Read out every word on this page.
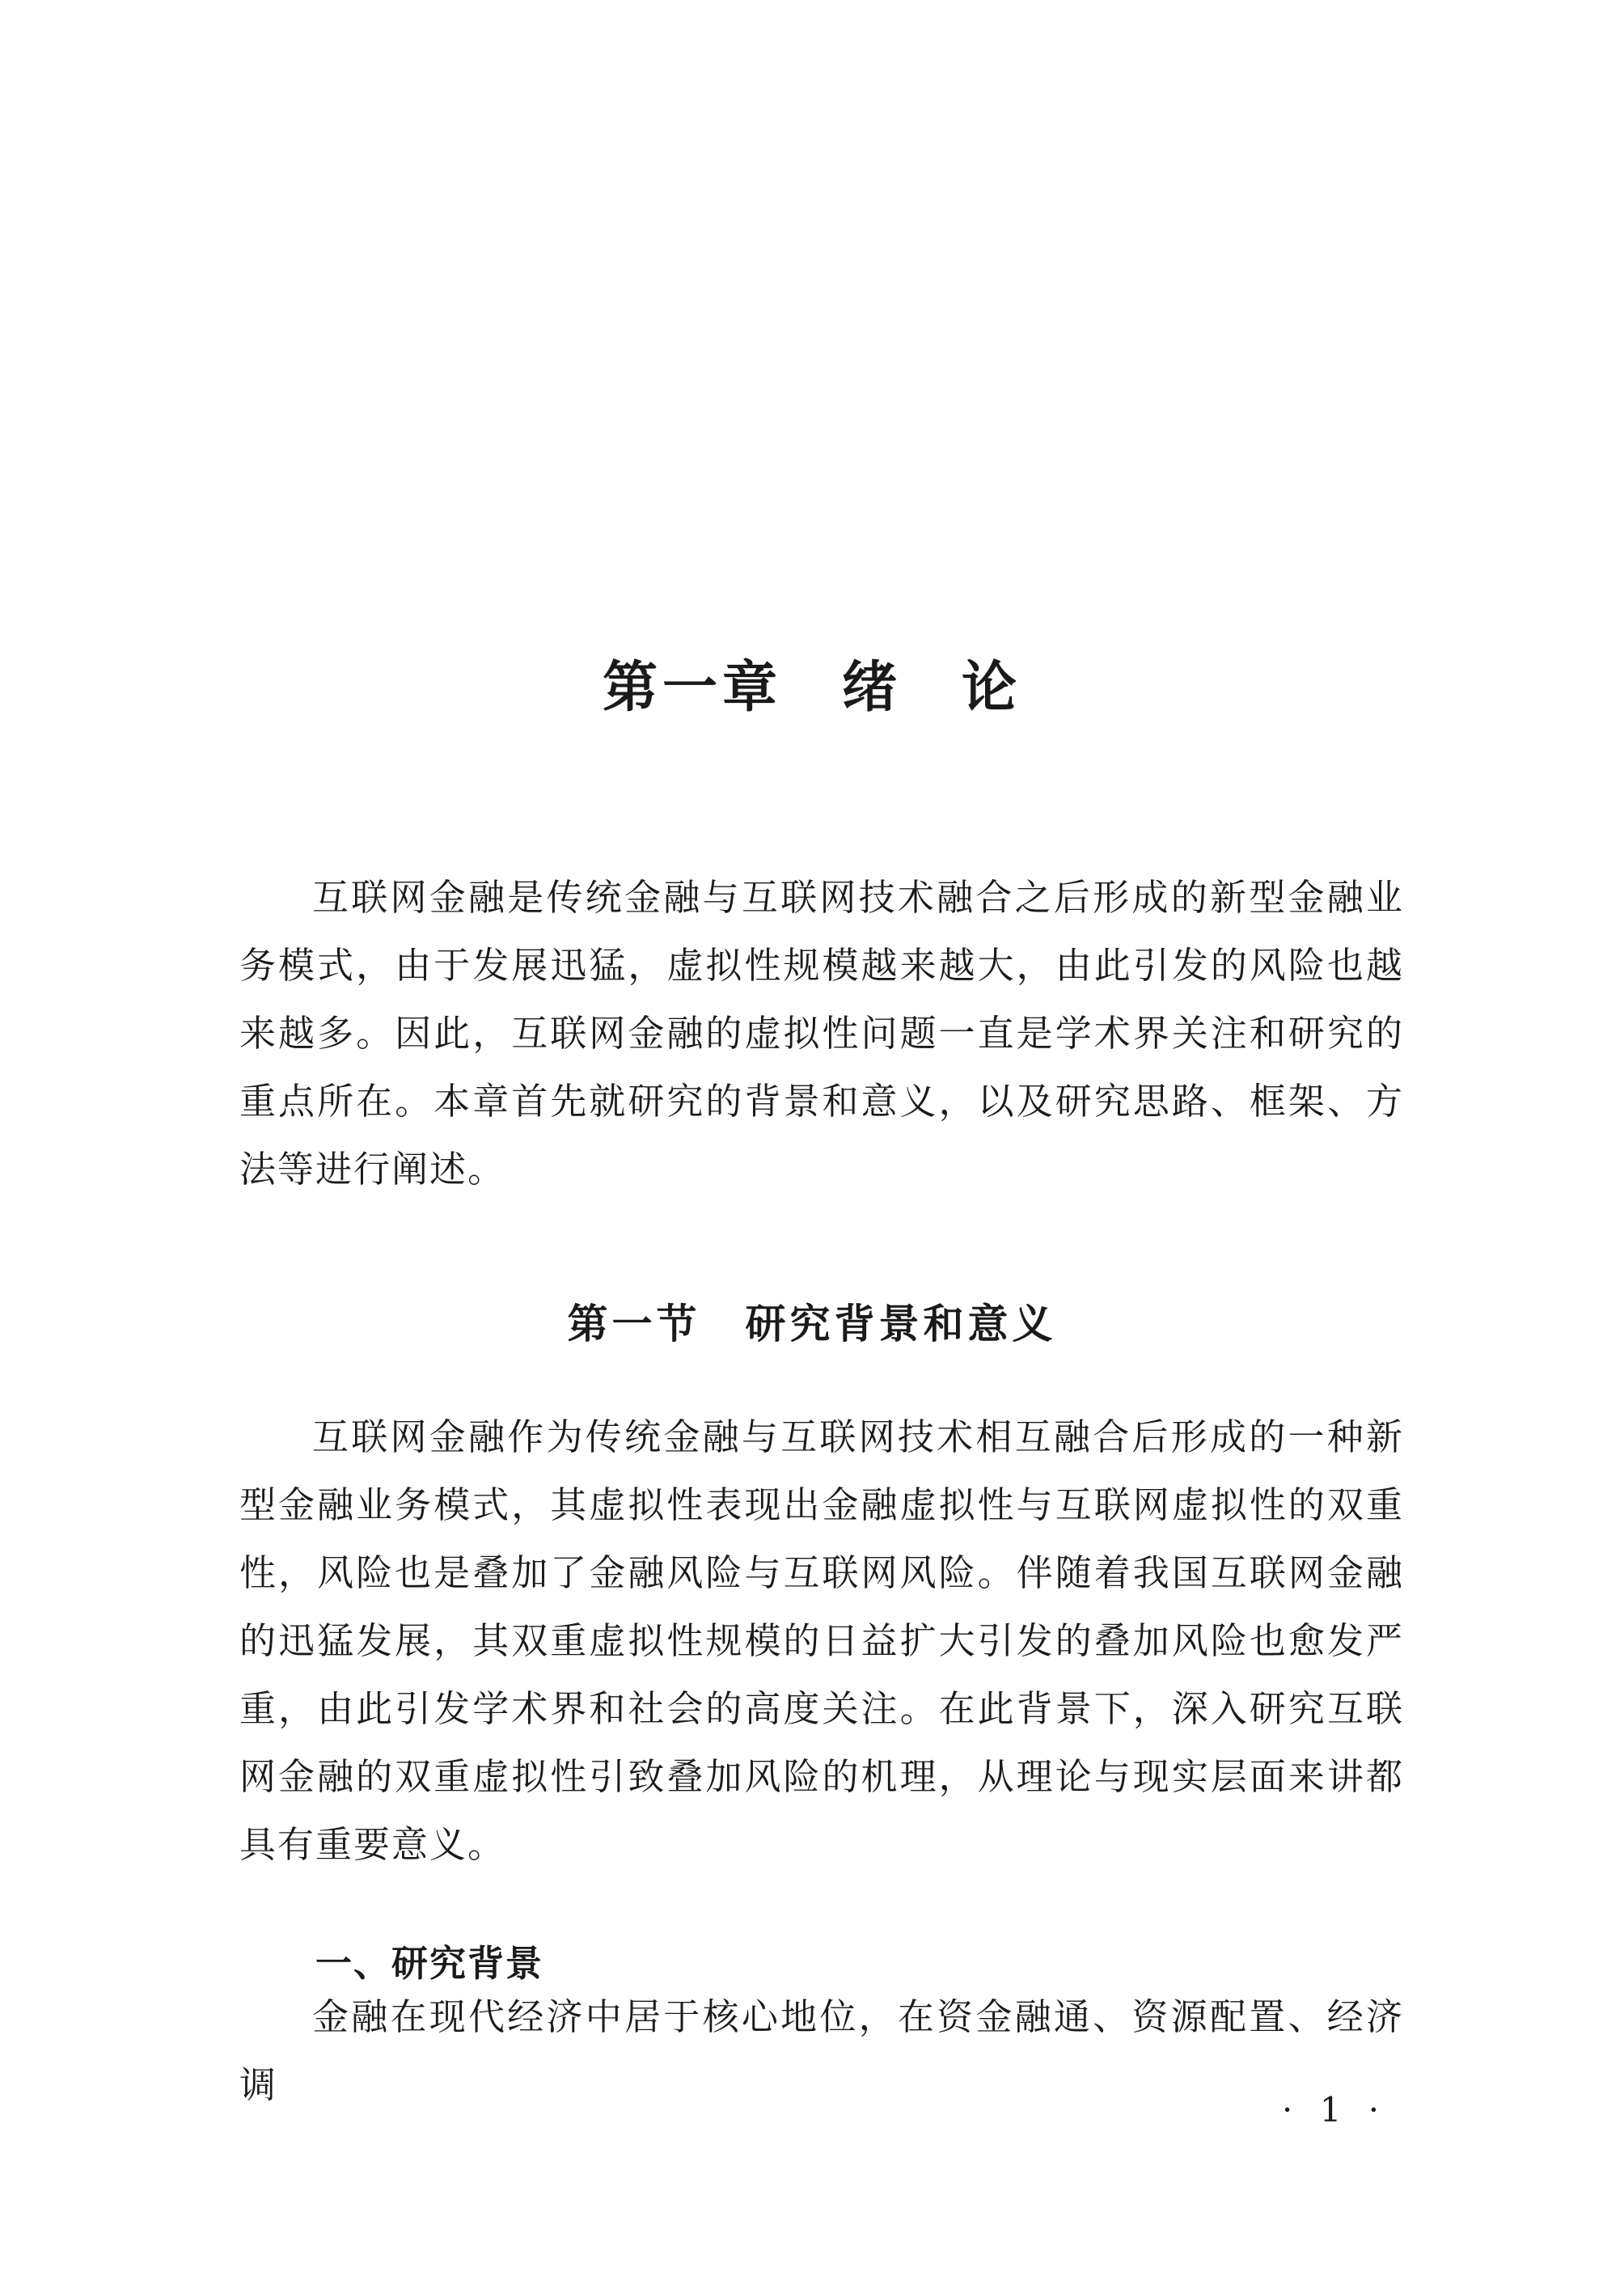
第一章　绪　论

互联网金融是传统金融与互联网技术融合之后形成的新型金融业务模式，由于发展迅猛，虚拟性规模越来越大，由此引发的风险也越来越多。因此，互联网金融的虚拟性问题一直是学术界关注和研究的重点所在。本章首先就研究的背景和意义，以及研究思路、框架、方法等进行阐述。

第一节　研究背景和意义

互联网金融作为传统金融与互联网技术相互融合后形成的一种新型金融业务模式，其虚拟性表现出金融虚拟性与互联网虚拟性的双重性，风险也是叠加了金融风险与互联网风险。伴随着我国互联网金融的迅猛发展，其双重虚拟性规模的日益扩大引发的叠加风险也愈发严重，由此引发学术界和社会的高度关注。在此背景下，深入研究互联网金融的双重虚拟性引致叠加风险的机理，从理论与现实层面来讲都具有重要意义。

一、研究背景

金融在现代经济中居于核心地位，在资金融通、资源配置、经济调

· 1 ·
